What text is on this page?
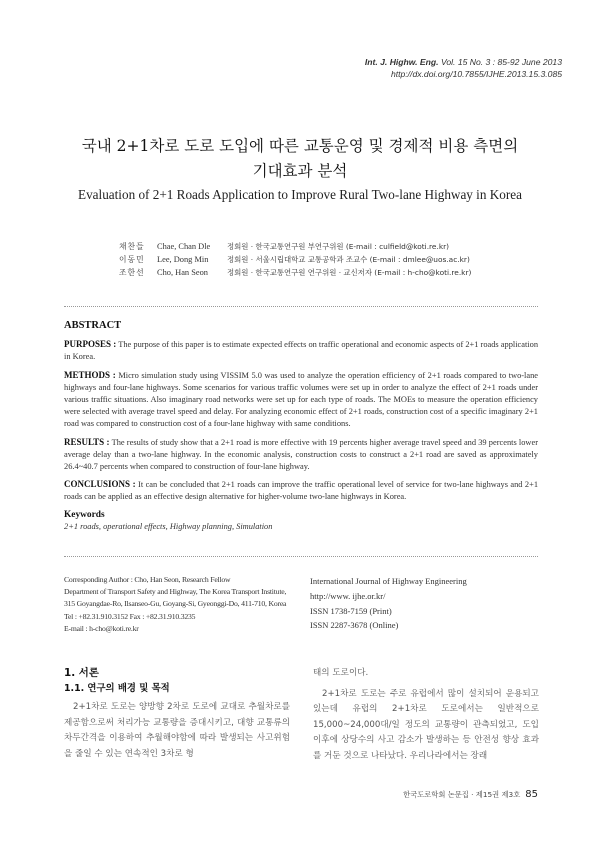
Int. J. Highw. Eng. Vol. 15 No. 3 : 85-92 June 2013
http://dx.doi.org/10.7855/IJHE.2013.15.3.085
국내 2+1차로 도로 도입에 따른 교통운영 및 경제적 비용 측면의
기대효과 분석
Evaluation of 2+1 Roads Application to Improve Rural Two-lane Highway in Korea
채찬들	Chae, Chan Dle	정회원 · 한국교통연구원 부연구위원 (E-mail : culfield@koti.re.kr)
이동민	Lee, Dong Min	정회원 · 서울시립대학교 교통공학과 조교수 (E-mail : dmlee@uos.ac.kr)
조한선	Cho, Han Seon	정회원 · 한국교통연구원 연구위원 · 교신저자 (E-mail : h-cho@koti.re.kr)
ABSTRACT

PURPOSES : The purpose of this paper is to estimate expected effects on traffic operational and economic aspects of 2+1 roads application in Korea.

METHODS : Micro simulation study using VISSIM 5.0 was used to analyze the operation efficiency of 2+1 roads compared to two-lane highways and four-lane highways. Some scenarios for various traffic volumes were set up in order to analyze the effect of 2+1 roads under various traffic situations. Also imaginary road networks were set up for each type of roads. The MOEs to measure the operation efficiency were selected with average travel speed and delay. For analyzing economic effect of 2+1 roads, construction cost of a specific imaginary 2+1 road was compared to construction cost of a four-lane highway with same conditions.

RESULTS : The results of study show that a 2+1 road is more effective with 19 percents higher average travel speed and 39 percents lower average delay than a two-lane highway. In the economic analysis, construction costs to construct a 2+1 road are saved as approximately 26.4~40.7 percents when compared to construction of four-lane highway.

CONCLUSIONS : It can be concluded that 2+1 roads can improve the traffic operational level of service for two-lane highways and 2+1 roads can be applied as an effective design alternative for higher-volume two-lane highways in Korea.

Keywords
2+1 roads, operational effects, Highway planning, Simulation
Corresponding Author : Cho, Han Seon, Research Fellow
Department of Transport Safety and Highway, The Korea Transport Institute,
315 Goyangdae-Ro, Ilsanseo-Gu, Goyang-Si, Gyeonggi-Do, 411-710, Korea
Tel : +82.31.910.3152 Fax : +82.31.910.3235
E-mail : h-cho@koti.re.kr
International Journal of Highway Engineering
http://www. ijhe.or.kr/
ISSN 1738-7159 (Print)
ISSN 2287-3678 (Online)
1. 서론
1.1. 연구의 배경 및 목적

2+1차로 도로는 양방향 2차로 도로에 교대로 추월차로를 제공함으로써 처리가능 교통량을 증대시키고, 대향 교통류의 차두간격을 이용하여 추월해야함에 따라 발생되는 사고위험을 줄일 수 있는 연속적인 3차로 형

태의 도로이다.

2+1차로 도로는 주로 유럽에서 많이 설치되어 운용되고 있는데 유럽의 2+1차로 도로에서는 일반적으로 15,000~24,000대/일 정도의 교통량이 관측되었고, 도입 이후에 상당수의 사고 감소가 발생하는 등 안전성 향상 효과를 거둔 것으로 나타났다. 우리나라에서는 장래

한국도로학회 논문집 · 제15권 제3호 85
